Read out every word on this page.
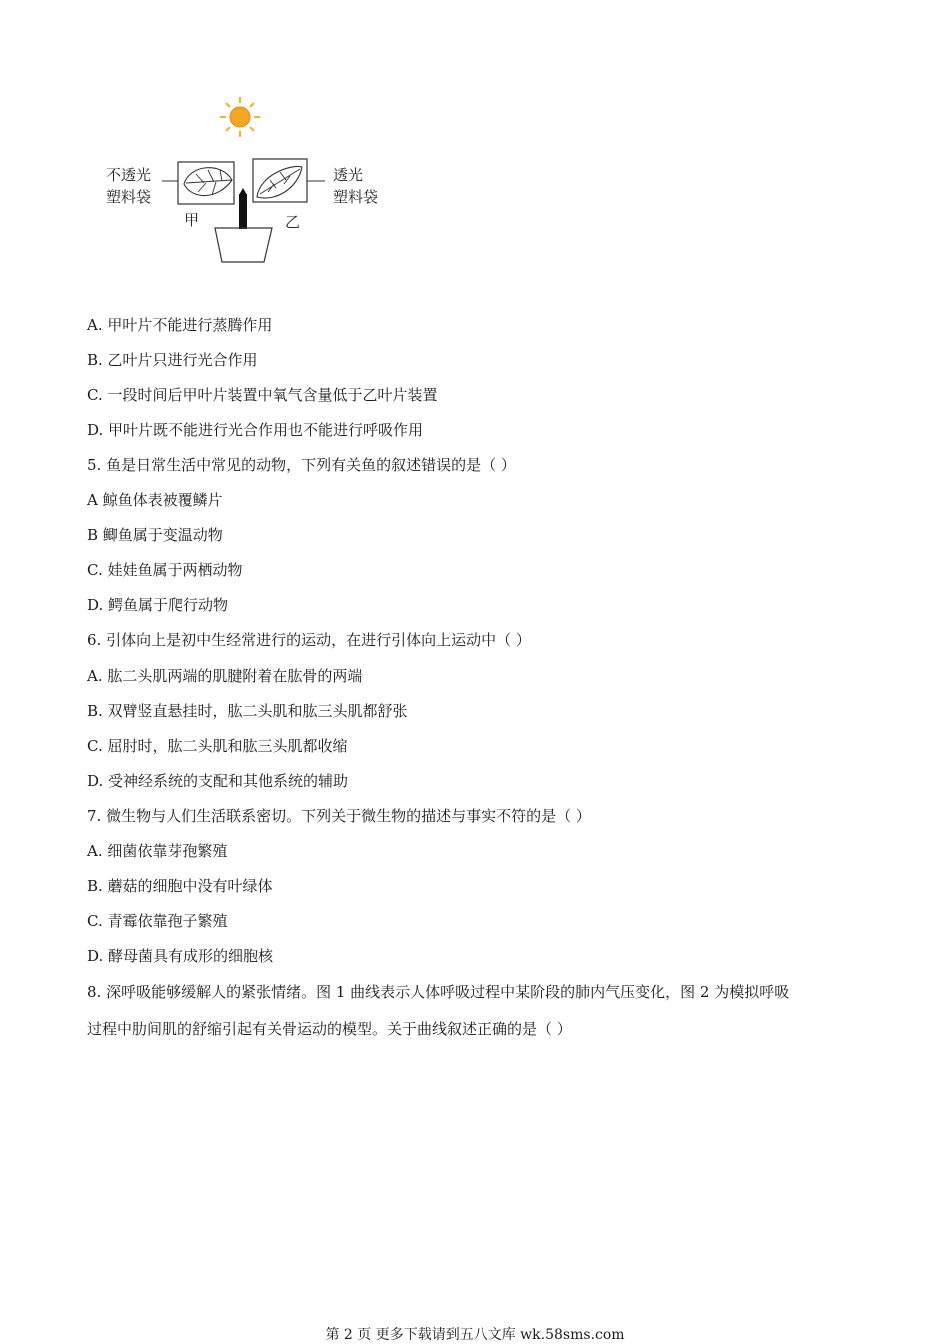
不透光
塑料袋
透光
塑料袋
甲	乙
A. 甲叶片不能进行蒸腾作用
B. 乙叶片只进行光合作用
C. 一段时间后甲叶片装置中氧气含量低于乙叶片装置
D. 甲叶片既不能进行光合作用也不能进行呼吸作用
5. 鱼是日常生活中常见的动物，下列有关鱼的叙述错误的是（ ）
A 鲸鱼体表被覆鳞片
B 鲫鱼属于变温动物
C. 娃娃鱼属于两栖动物
D. 鳄鱼属于爬行动物
6. 引体向上是初中生经常进行的运动，在进行引体向上运动中（ ）
A. 肱二头肌两端的肌腱附着在肱骨的两端
B. 双臂竖直悬挂时，肱二头肌和肱三头肌都舒张
C. 屈肘时，肱二头肌和肱三头肌都收缩
D. 受神经系统的支配和其他系统的辅助
7. 微生物与人们生活联系密切。下列关于微生物的描述与事实不符的是（ ）
A. 细菌依靠芽孢繁殖
B. 蘑菇的细胞中没有叶绿体
C. 青霉依靠孢子繁殖
D. 酵母菌具有成形的细胞核
8. 深呼吸能够缓解人的紧张情绪。图 1 曲线表示人体呼吸过程中某阶段的肺内气压变化，图 2 为模拟呼吸
过程中肋间肌的舒缩引起有关骨运动的模型。关于曲线叙述正确的是（ ）
第 2 页 更多下载请到五八文库 wk.58sms.com
